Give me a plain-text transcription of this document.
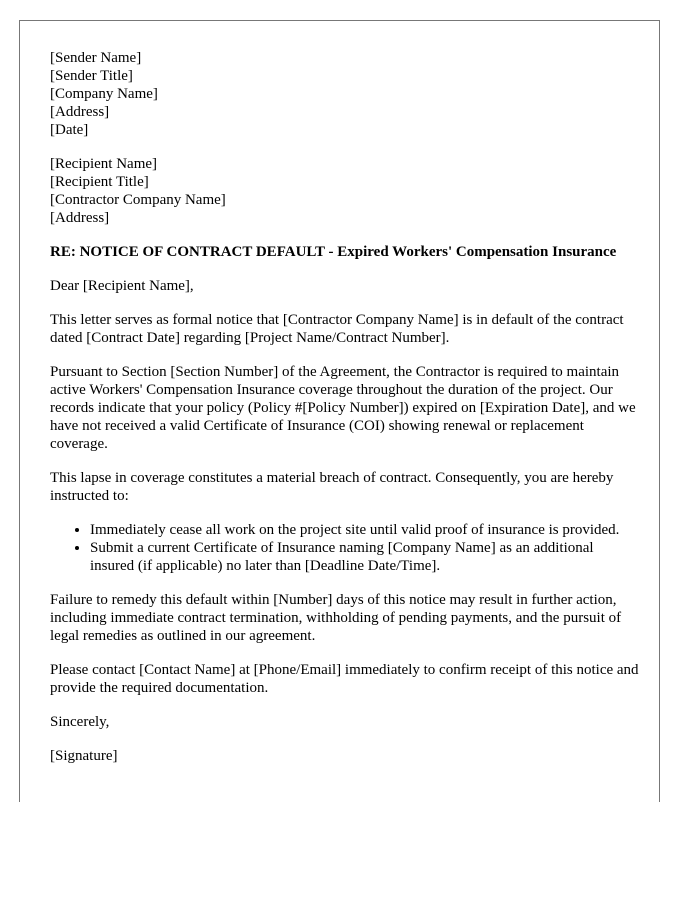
[Sender Name]
[Sender Title]
[Company Name]
[Address]
[Date]
[Recipient Name]
[Recipient Title]
[Contractor Company Name]
[Address]

RE: NOTICE OF CONTRACT DEFAULT - Expired Workers' Compensation Insurance

Dear [Recipient Name],

This letter serves as formal notice that [Contractor Company Name] is in default of the contract dated [Contract Date] regarding [Project Name/Contract Number].

Pursuant to Section [Section Number] of the Agreement, the Contractor is required to maintain active Workers' Compensation Insurance coverage throughout the duration of the project. Our records indicate that your policy (Policy #[Policy Number]) expired on [Expiration Date], and we have not received a valid Certificate of Insurance (COI) showing renewal or replacement coverage.

This lapse in coverage constitutes a material breach of contract. Consequently, you are hereby instructed to:

• Immediately cease all work on the project site until valid proof of insurance is provided.
• Submit a current Certificate of Insurance naming [Company Name] as an additional insured (if applicable) no later than [Deadline Date/Time].

Failure to remedy this default within [Number] days of this notice may result in further action, including immediate contract termination, withholding of pending payments, and the pursuit of legal remedies as outlined in our agreement.

Please contact [Contact Name] at [Phone/Email] immediately to confirm receipt of this notice and provide the required documentation.

Sincerely,

[Signature]
